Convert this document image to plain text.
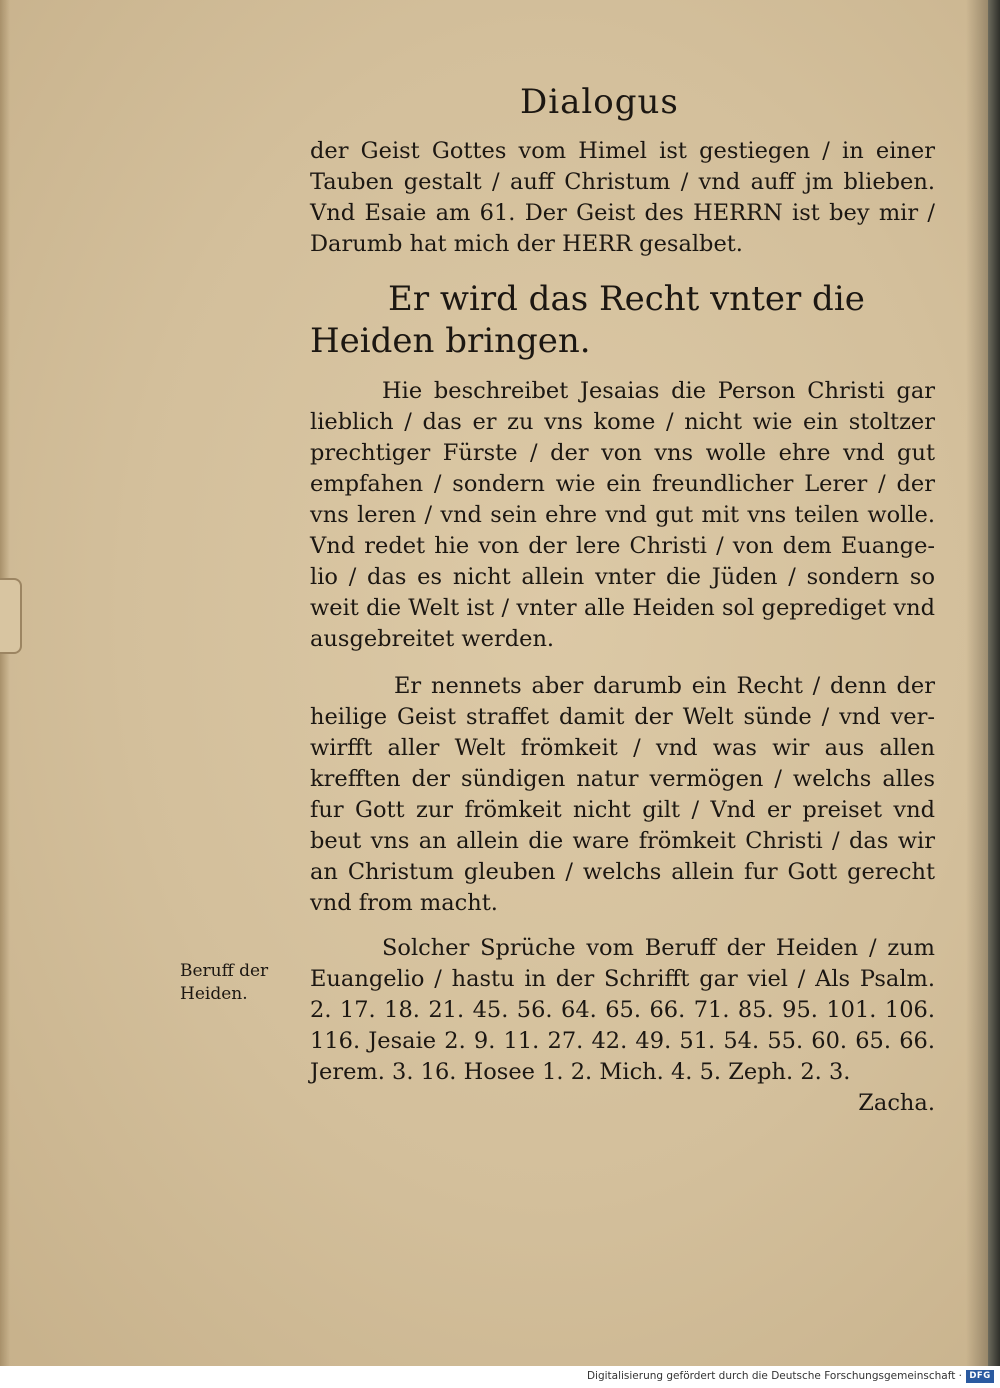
Dialogus

der Geist Gottes vom Himel ist gestiegen / in einer Tauben gestalt / auff Christum / vnd auff jm blieben. Vnd Esaie am 61. Der Geist des HERRN ist bey mir / Darumb hat mich der HERR gesalbet.

Er wird das Recht vnter die Heiden bringen.

Hie beschreibet Jesaias die Person Christi gar lieblich / das er zu vns kome / nicht wie ein stoltzer prechtiger Fürste / der von vns wolle ehre vnd gut empfahen / sondern wie ein freundlicher Lerer / der vns leren / vnd sein ehre vnd gut mit vns teilen wolle. Vnd redet hie von der lere Christi / von dem Euangelio / das es nicht allein vnter die Jüden / sondern so weit die Welt ist / vnter alle Heiden sol geprediget vnd ausgebreitet werden.

Er nennets aber darumb ein Recht / denn der heilige Geist straffet damit der Welt sünde / vnd verwirfft aller Welt frömkeit / vnd was wir aus allen krefften der sündigen natur vermögen / welchs alles fur Gott zur frömkeit nicht gilt / Vnd er preiset vnd beut vns an allein die ware frömkeit Christi / das wir an Christum gleuben / welchs allein fur Gott gerecht vnd from macht.

Solcher Sprüche vom Beruff der Heiden / zum Euangelio / hastu in der Schrifft gar viel / Als Psalm. 2. 17. 18. 21. 45. 56. 64. 65. 66. 71. 85. 95. 101. 106. 116. Jesaie 2. 9. 11. 27. 42. 49. 51. 54. 55. 60. 65. 66. Jerem. 3. 16. Hosee 1. 2. Mich. 4. 5. Zeph. 2. 3.

Zacha.

Beruff der Heiden.
Digitalisierung gefördert durch die Deutsche Forschungsgemeinschaft · DFG
